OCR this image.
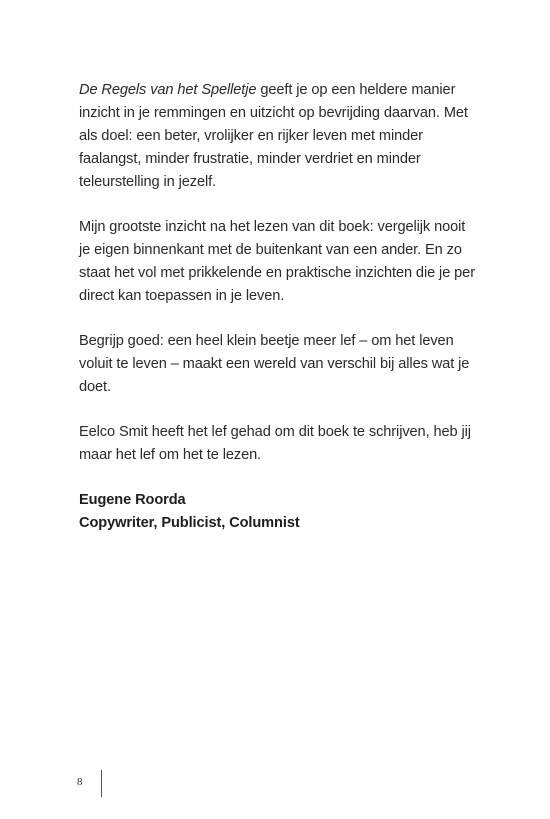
De Regels van het Spelletje geeft je op een heldere manier inzicht in je remmingen en uitzicht op bevrijding daarvan. Met als doel: een beter, vrolijker en rijker leven met minder faalangst, minder frustratie, minder verdriet en minder teleurstelling in jezelf.

Mijn grootste inzicht na het lezen van dit boek: vergelijk nooit je eigen binnenkant met de buitenkant van een ander. En zo staat het vol met prikkelende en praktische inzichten die je per direct kan toepassen in je leven.

Begrijp goed: een heel klein beetje meer lef – om het leven voluit te leven – maakt een wereld van verschil bij alles wat je doet.

Eelco Smit heeft het lef gehad om dit boek te schrijven, heb jij maar het lef om het te lezen.

Eugene Roorda
Copywriter, Publicist, Columnist
8
